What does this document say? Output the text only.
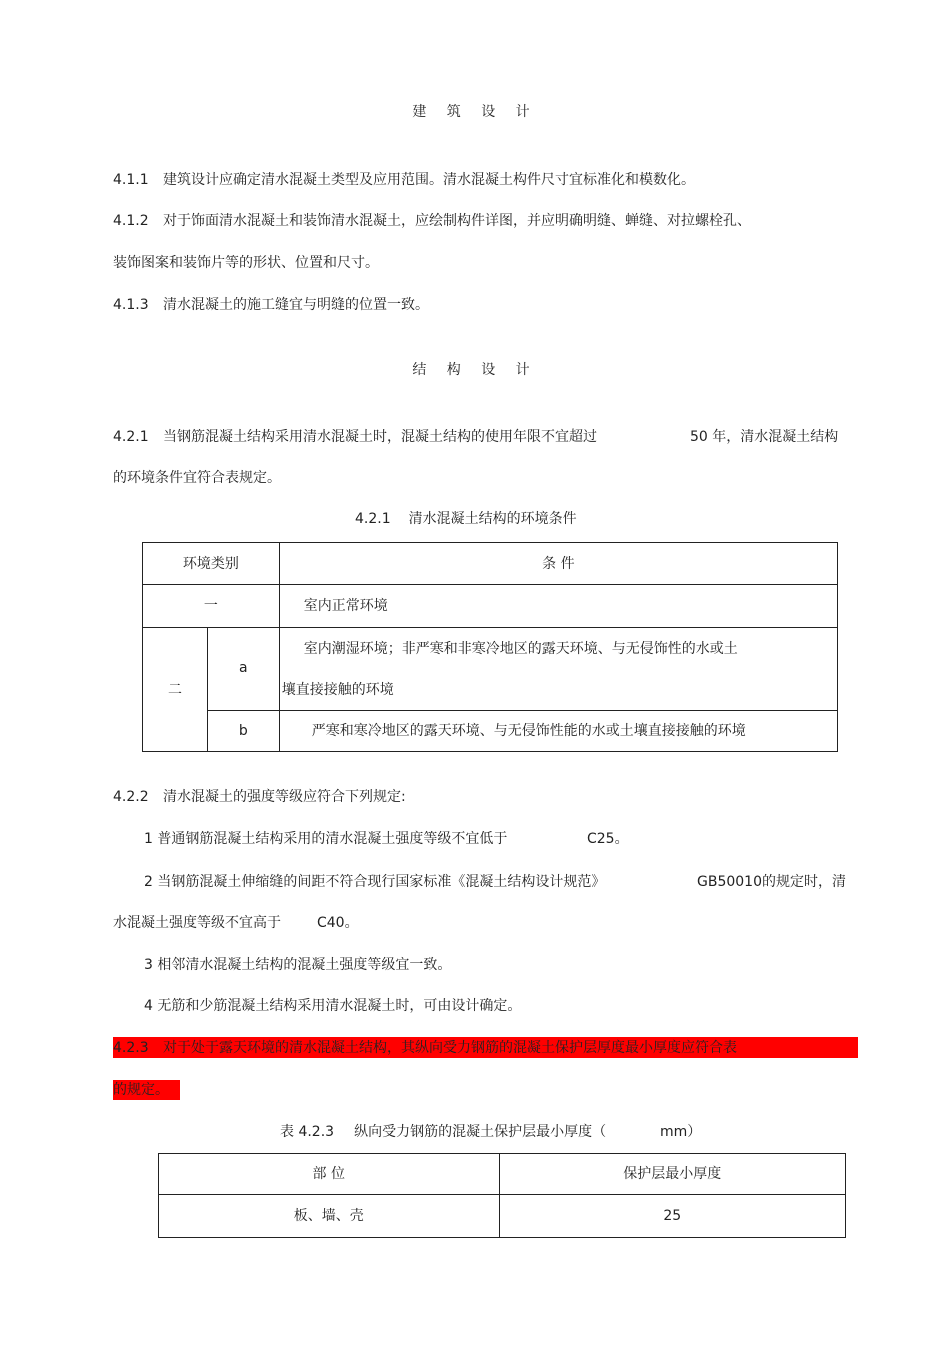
建 筑 设 计
4.1.1 建筑设计应确定清水混凝土类型及应用范围。清水混凝土构件尺寸宜标准化和模数化。
4.1.2 对于饰面清水混凝土和装饰清水混凝土，应绘制构件详图，并应明确明缝、蝉缝、对拉螺栓孔、
装饰图案和装饰片等的形状、位置和尺寸。
4.1.3 清水混凝土的施工缝宜与明缝的位置一致。
结 构 设 计
4.2.1 当钢筋混凝土结构采用清水混凝土时，混凝土结构的使用年限不宜超过	50 年，清水混凝土结构
的环境条件宜符合表规定。
4.2.1 清水混凝土结构的环境条件
环境类别		条 件
一		室内正常环境
二	a	室内潮湿环境；非严寒和非寒冷地区的露天环境、与无侵饰性的水或土
壤直接接触的环境

	b	严寒和寒冷地区的露天环境、与无侵饰性能的水或土壤直接接触的环境
4.2.2 清水混凝土的强度等级应符合下列规定:
1 普通钢筋混凝土结构采用的清水混凝土强度等级不宜低于	C25。
2 当钢筋混凝土伸缩缝的间距不符合现行国家标准《混凝土结构设计规范》	GB50010的规定时，清
水混凝土强度等级不宜高于	C40。
3 相邻清水混凝土结构的混凝土强度等级宜一致。
4 无筋和少筋混凝土结构采用清水混凝土时，可由设计确定。
4.2.3 对于处于露天环境的清水混凝土结构，其纵向受力钢筋的混凝土保护层厚度最小厚度应符合表
的规定。
表 4.2.3 纵向受力钢筋的混凝土保护层最小厚度（	mm）
部 位	保护层最小厚度
板、墙、壳	25
